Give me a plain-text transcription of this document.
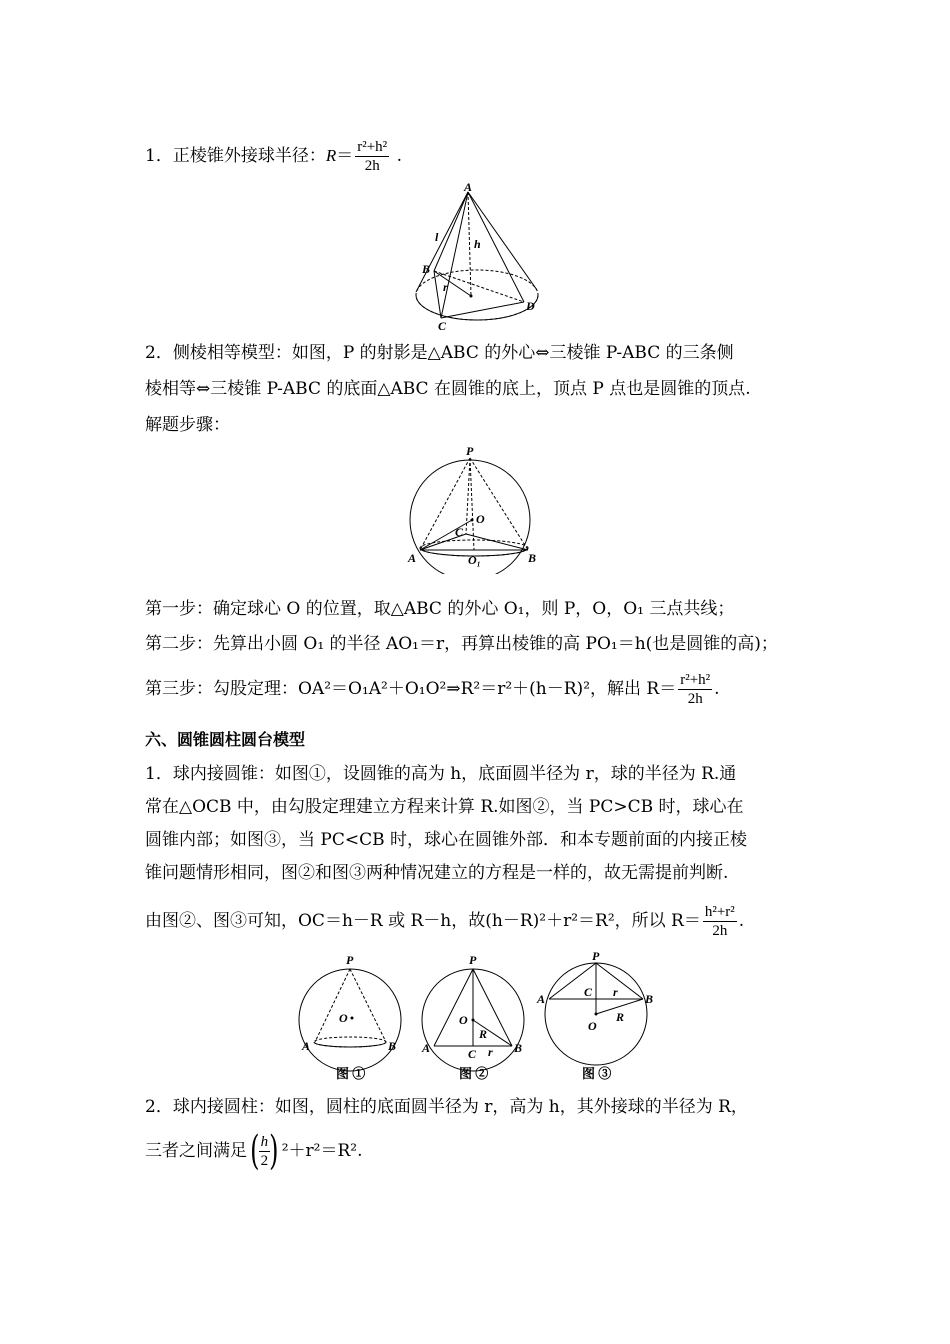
1．正棱锥外接球半径：$R= \frac{\text{r²+h²}}{2h}$ .
A
l	h
B
r
C
D
2．侧棱相等模型：如图，P 的射影是△ABC 的外心⇔三棱锥 P-ABC 的三条侧
棱相等⇔三棱锥 P-ABC 的底面△ABC 在圆锥的底上，顶点 P 点也是圆锥的顶点.
解题步骤：
P
O
C
A	B
O₁
第一步：确定球心 O 的位置，取△ABC 的外心 O₁，则 P，O，O₁ 三点共线；
第二步：先算出小圆 O₁ 的半径 AO₁＝r，再算出棱锥的高 PO₁＝h(也是圆锥的高)；
第三步：勾股定理：OA²＝O₁A²＋O₁O²⇒R²＝r²＋(h－R)²，解出 $R= \frac{\text{r²+h²}}{2h}$ .
六、圆锥圆柱圆台模型
1．球内接圆锥：如图①，设圆锥的高为 h，底面圆半径为 r，球的半径为 R.通
常在△OCB 中，由勾股定理建立方程来计算 R.如图②，当 PC>CB 时，球心在
圆锥内部；如图③，当 PC<CB 时，球心在圆锥外部．和本专题前面的内接正棱
锥问题情形相同，图②和图③两种情况建立的方程是一样的，故无需提前判断.
由图②、图③可知，OC＝h－R 或 R－h，故(h－R)²＋r²＝R²，所以 $R= \frac{\text{h²+r²}}{2h}$ .
P
O
A	B
图 ①
P
O
R
C r
A	B
图 ②
P
C r
A	B
R
O
图 ③
2．球内接圆柱：如图，圆柱的底面圆半径为 r，高为 h，其外接球的半径为 R，
三者之间满足( $\frac{h}{2}$ ) ²＋r²＝R².
